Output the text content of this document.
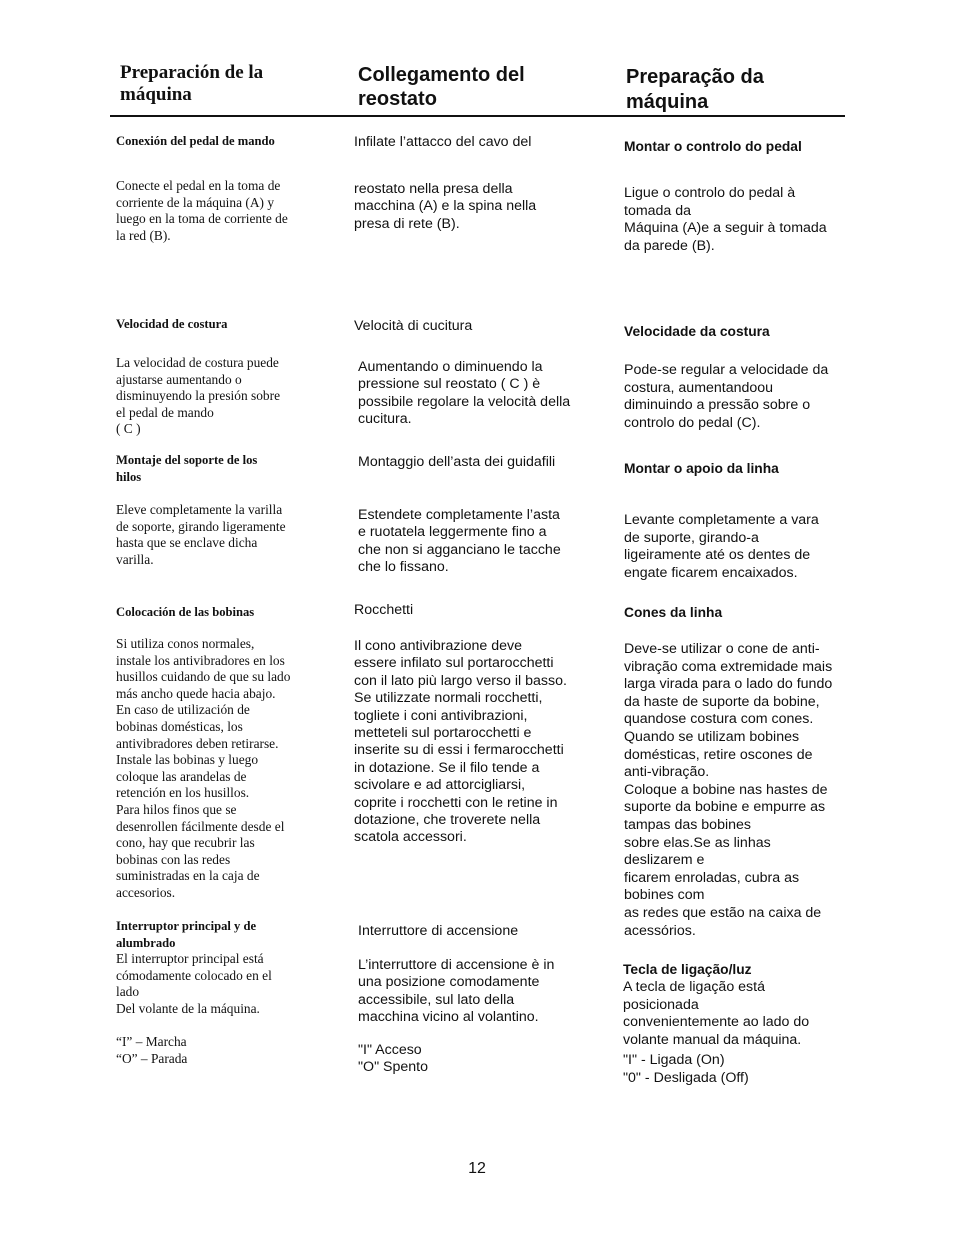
Preparación de la
máquina
Collegamento del
reostato
Preparação da
máquina

Conexión del pedal de mando

Conecte el pedal en la toma de
corriente de la máquina (A) y
luego en la toma de corriente de
la red (B).

Velocidad de costura

La velocidad de costura puede
ajustarse aumentando o
disminuyendo la presión sobre
el pedal de mando
( C )

Montaje del soporte de los
hilos

Eleve completamente la varilla
de soporte, girando ligeramente
hasta que se enclave dicha
varilla.

Colocación de las bobinas

Si utiliza conos normales,
instale los antivibradores en los
husillos cuidando de que su lado
más ancho quede hacia abajo.
En caso de utilización de
bobinas domésticas, los
antivibradores deben retirarse.
Instale las bobinas y luego
coloque las arandelas de
retención en los husillos.
Para hilos finos que se
desenrollen fácilmente desde el
cono, hay que recubrir las
bobinas con las redes
suministradas en la caja de
accesorios.

Interruptor principal y de
alumbrado

El interruptor principal está
cómodamente colocado en el
lado
Del volante de la máquina.

“I” – Marcha
“O” – Parada

Infilate l’attacco del cavo del

reostato nella presa della
macchina (A) e la spina nella
presa di rete (B).

Velocità di cucitura

Aumentando o diminuendo la
pressione sul reostato ( C ) è
possibile regolare la velocità della
cucitura.

Montaggio dell’asta dei guidafili

Estendete completamente l’asta
e ruotatela leggermente fino a
che non si agganciano le tacche
che lo fissano.

Rocchetti

Il cono antivibrazione deve
essere infilato sul portarocchetti
con il lato più largo verso il basso.
Se utilizzate normali rocchetti,
togliete i coni antivibrazioni,
metteteli sul portarocchetti e
inserite su di essi i fermarocchetti
in dotazione. Se il filo tende a
scivolare e ad attorcigliarsi,
coprite i rocchetti con le retine in
dotazione, che troverete nella
scatola accessori.

Interruttore di accensione

L’interruttore di accensione è in
una posizione comodamente
accessibile, sul lato della
macchina vicino al volantino.

"I" Acceso
"O" Spento

Montar o controlo do pedal

Ligue o controlo do pedal à
tomada da
Máquina (A)e a seguir à tomada
da parede (B).

Velocidade da costura

Pode-se regular a velocidade da
costura, aumentandoou
diminuindo a pressão sobre o
controlo do pedal (C).

Montar o apoio da linha

Levante completamente a vara
de suporte, girando-a
ligeiramente até os dentes de
engate ficarem encaixados.

Cones da linha

Deve-se utilizar o cone de anti-
vibração coma extremidade mais
larga virada para o lado do fundo
da haste de suporte da bobine,
quandose costura com cones.
Quando se utilizam bobines
domésticas, retire oscones de
anti-vibração.
Coloque a bobine nas hastes de
suporte da bobine e empurre as
tampas das bobines
sobre elas.Se as linhas
deslizarem e
ficarem enroladas, cubra as
bobines com
as redes que estão na caixa de
acessórios.

Tecla de ligação/luz

A tecla de ligação está
posicionada
convenientemente ao lado do
volante manual da máquina.

"I" - Ligada (On)
"0" - Desligada (Off)

12
